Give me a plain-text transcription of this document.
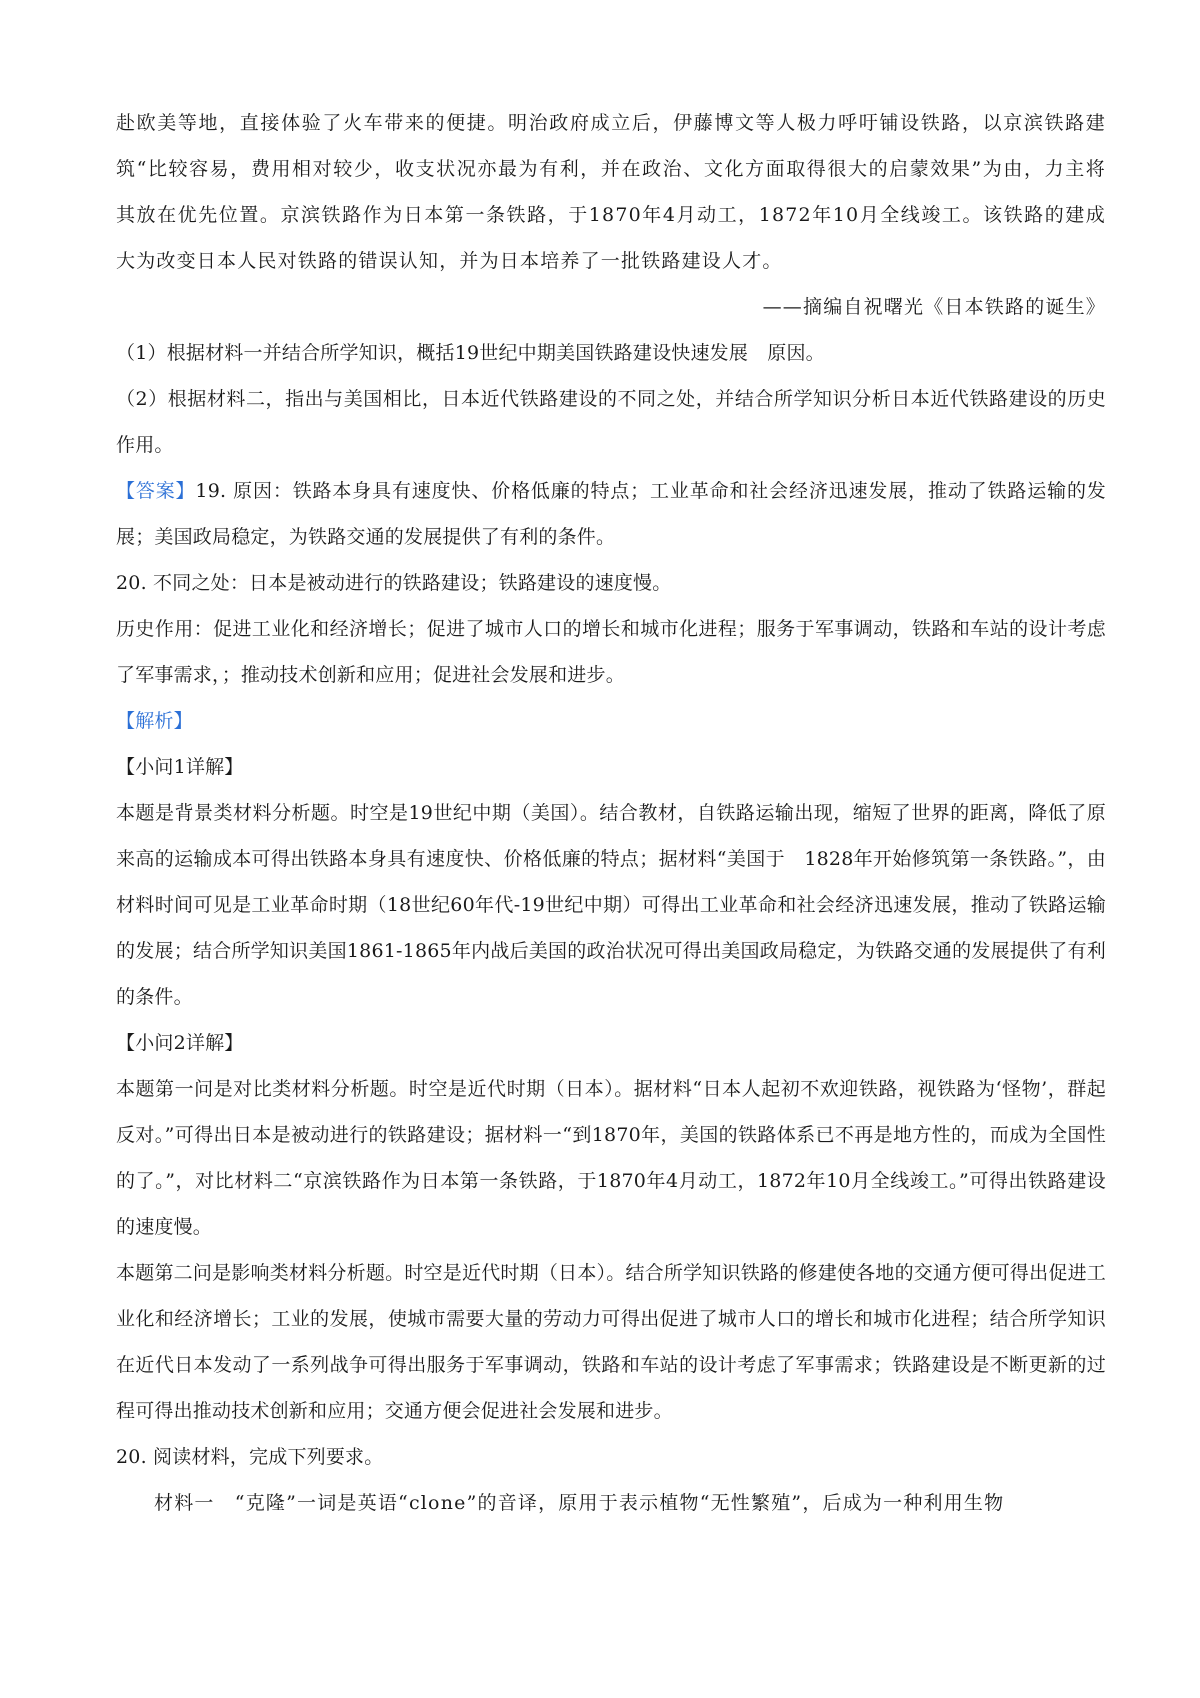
赴欧美等地，直接体验了火车带来的便捷。明治政府成立后，伊藤博文等人极力呼吁铺设铁路，以京滨铁路建筑“比较容易，费用相对较少，收支状况亦最为有利，并在政治、文化方面取得很大的启蒙效果”为由，力主将其放在优先位置。京滨铁路作为日本第一条铁路，于1870年4月动工，1872年10月全线竣工。该铁路的建成大为改变日本人民对铁路的错误认知，并为日本培养了一批铁路建设人才。

——摘编自祝曙光《日本铁路的诞生》

（1）根据材料一并结合所学知识，概括19世纪中期美国铁路建设快速发展　原因。

（2）根据材料二，指出与美国相比，日本近代铁路建设的不同之处，并结合所学知识分析日本近代铁路建设的历史作用。

【答案】19. 原因：铁路本身具有速度快、价格低廉的特点；工业革命和社会经济迅速发展，推动了铁路运输的发展；美国政局稳定，为铁路交通的发展提供了有利的条件。

20. 不同之处：日本是被动进行的铁路建设；铁路建设的速度慢。

历史作用：促进工业化和经济增长；促进了城市人口的增长和城市化进程；服务于军事调动，铁路和车站的设计考虑了军事需求，；推动技术创新和应用；促进社会发展和进步。

【解析】

【小问1详解】

本题是背景类材料分析题。时空是19世纪中期（美国）。结合教材，自铁路运输出现，缩短了世界的距离，降低了原来高的运输成本可得出铁路本身具有速度快、价格低廉的特点；据材料“美国于　1828年开始修筑第一条铁路。”，由材料时间可见是工业革命时期（18世纪60年代-19世纪中期）可得出工业革命和社会经济迅速发展，推动了铁路运输的发展；结合所学知识美国1861-1865年内战后美国的政治状况可得出美国政局稳定，为铁路交通的发展提供了有利的条件。

【小问2详解】

本题第一问是对比类材料分析题。时空是近代时期（日本）。据材料“日本人起初不欢迎铁路，视铁路为‘怪物’，群起反对。”可得出日本是被动进行的铁路建设；据材料一“到1870年，美国的铁路体系已不再是地方性的，而成为全国性的了。”，对比材料二“京滨铁路作为日本第一条铁路，于1870年4月动工，1872年10月全线竣工。”可得出铁路建设的速度慢。

本题第二问是影响类材料分析题。时空是近代时期（日本）。结合所学知识铁路的修建使各地的交通方便可得出促进工业化和经济增长；工业的发展，使城市需要大量的劳动力可得出促进了城市人口的增长和城市化进程；结合所学知识在近代日本发动了一系列战争可得出服务于军事调动，铁路和车站的设计考虑了军事需求；铁路建设是不断更新的过程可得出推动技术创新和应用；交通方便会促进社会发展和进步。

20. 阅读材料，完成下列要求。

材料一　“克隆”一词是英语“clone”的音译，原用于表示植物“无性繁殖”，后成为一种利用生物
